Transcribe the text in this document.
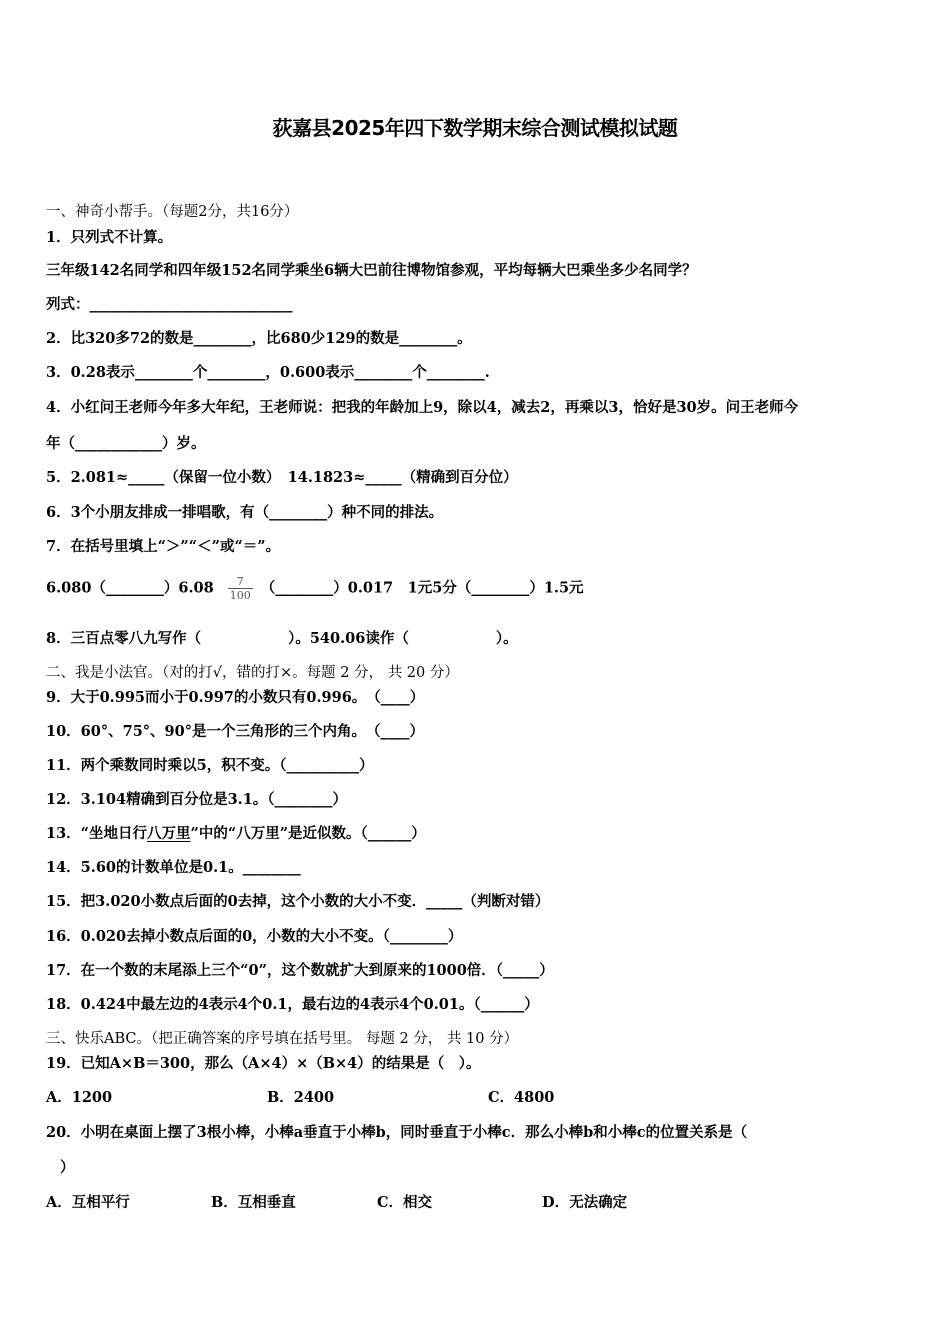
荻嘉县2025年四下数学期末综合测试模拟试题
一、神奇小帮手。（每题2分，共16分）
1．只列式不计算。
三年级142名同学和四年级152名同学乘坐6辆大巴前往博物馆参观，平均每辆大巴乘坐多少名同学？
列式：____________________________
2．比320多72的数是________，比680少129的数是________。
3．0.28表示________个________，0.600表示________个________.
4．小红问王老师今年多大年纪，王老师说：把我的年龄加上9，除以4，减去2，再乘以3，恰好是30岁。问王老师今
年（____________）岁。
5．2.081≈_____（保留一位小数）　14.1823≈_____（精确到百分位）
6．3个小朋友排成一排唱歌，有（________）种不同的排法。
7．在括号里填上“＞”“＜”或“＝”。
6.080（________）6.08 $\frac{7}{100}$ （________）0.017　1元5分（________）1.5元
8．三百点零八九写作（　　　　　　）。540.06读作（　　　　　　）。
二、我是小法官。（对的打√，错的打×。每题 2 分， 共 20 分）
9．大于0.995而小于0.997的小数只有0.996。　（____）
10．60°、75°、90°是一个三角形的三个内角。　（____）
11．两个乘数同时乘以5，积不变。（__________）
12．3.104精确到百分位是3.1。（________）
13．“坐地日行八万里”中的“八万里”是近似数。（______）
14．5.60的计数单位是0.1。________
15．把3.020小数点后面的0去掉，这个小数的大小不变．_____（判断对错）
16．0.020去掉小数点后面的0，小数的大小不变。（________）
17．在一个数的末尾添上三个“0”，这个数就扩大到原来的1000倍．（_____）
18．0.424中最左边的4表示4个0.1，最右边的4表示4个0.01。（______）
三、快乐ABC。（把正确答案的序号填在括号里。 每题 2 分， 共 10 分）
19．已知A×B＝300，那么（A×4）×（B×4）的结果是（　）。
A．1200	B．2400	C．4800
20．小明在桌面上摆了3根小棒，小棒a垂直于小棒b，同时垂直于小棒c．那么小棒b和小棒c的位置关系是（
）
A．互相平行	B．互相垂直	C．相交	D．无法确定
